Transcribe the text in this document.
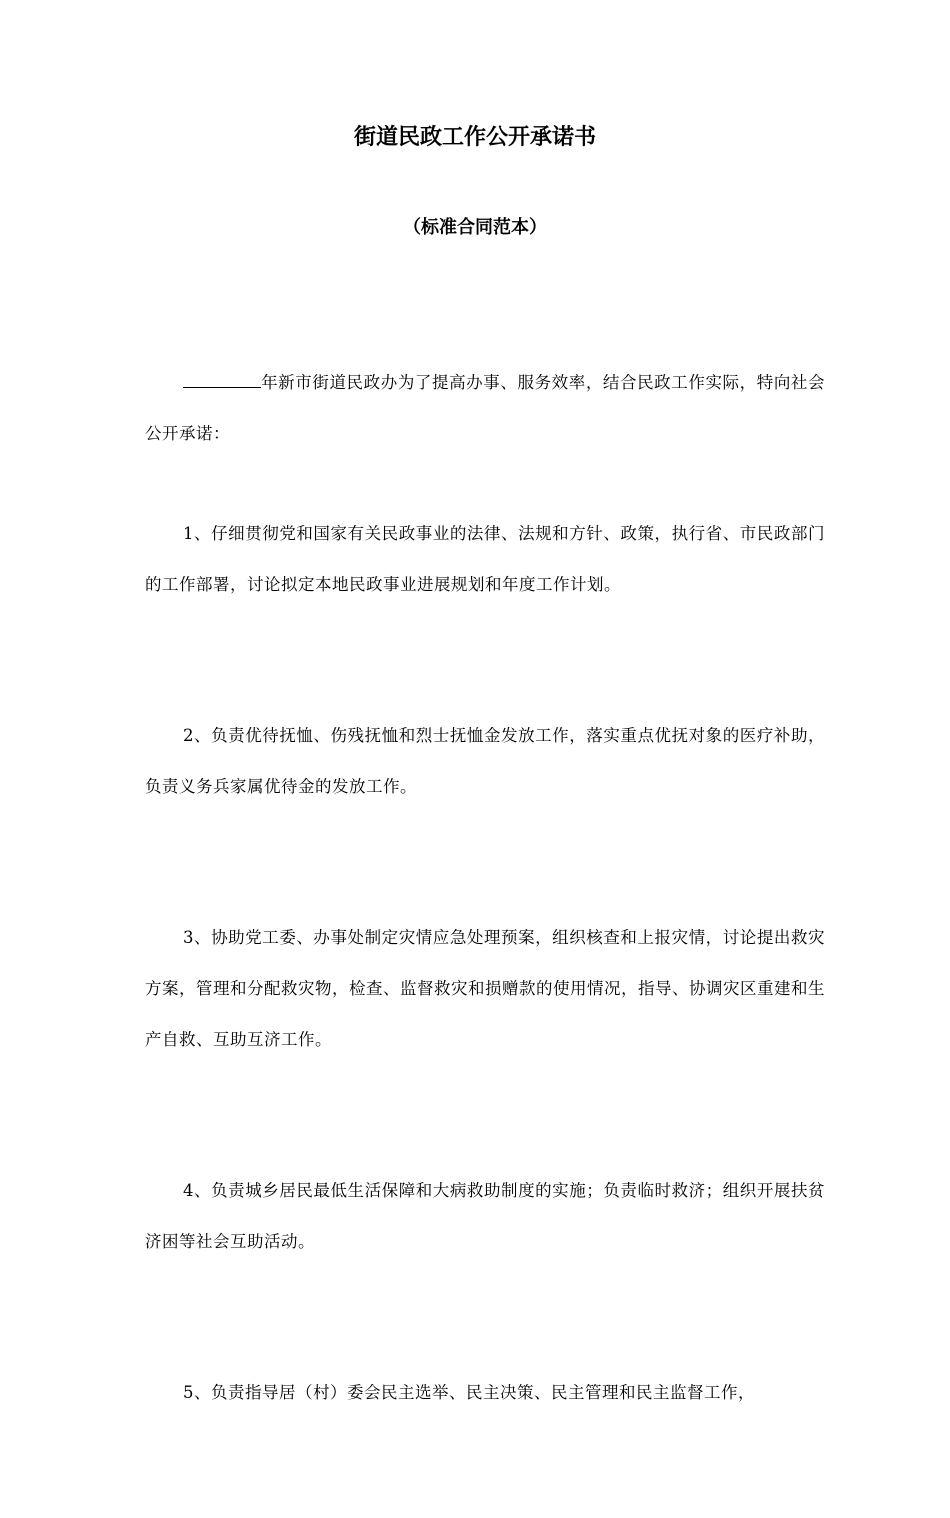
街道民政工作公开承诺书
（标准合同范本）

年新市街道民政办为了提高办事、服务效率，结合民政工作实际，特向社会公开承诺：

1、仔细贯彻党和国家有关民政事业的法律、法规和方针、政策，执行省、市民政部门的工作部署，讨论拟定本地民政事业进展规划和年度工作计划。

2、负责优待抚恤、伤残抚恤和烈士抚恤金发放工作，落实重点优抚对象的医疗补助，负责义务兵家属优待金的发放工作。

3、协助党工委、办事处制定灾情应急处理预案，组织核查和上报灾情，讨论提出救灾方案，管理和分配救灾物，检查、监督救灾和损赠款的使用情况，指导、协调灾区重建和生产自救、互助互济工作。

4、负责城乡居民最低生活保障和大病救助制度的实施；负责临时救济；组织开展扶贫济困等社会互助活动。

5、负责指导居（村）委会民主选举、民主决策、民主管理和民主监督工作，
